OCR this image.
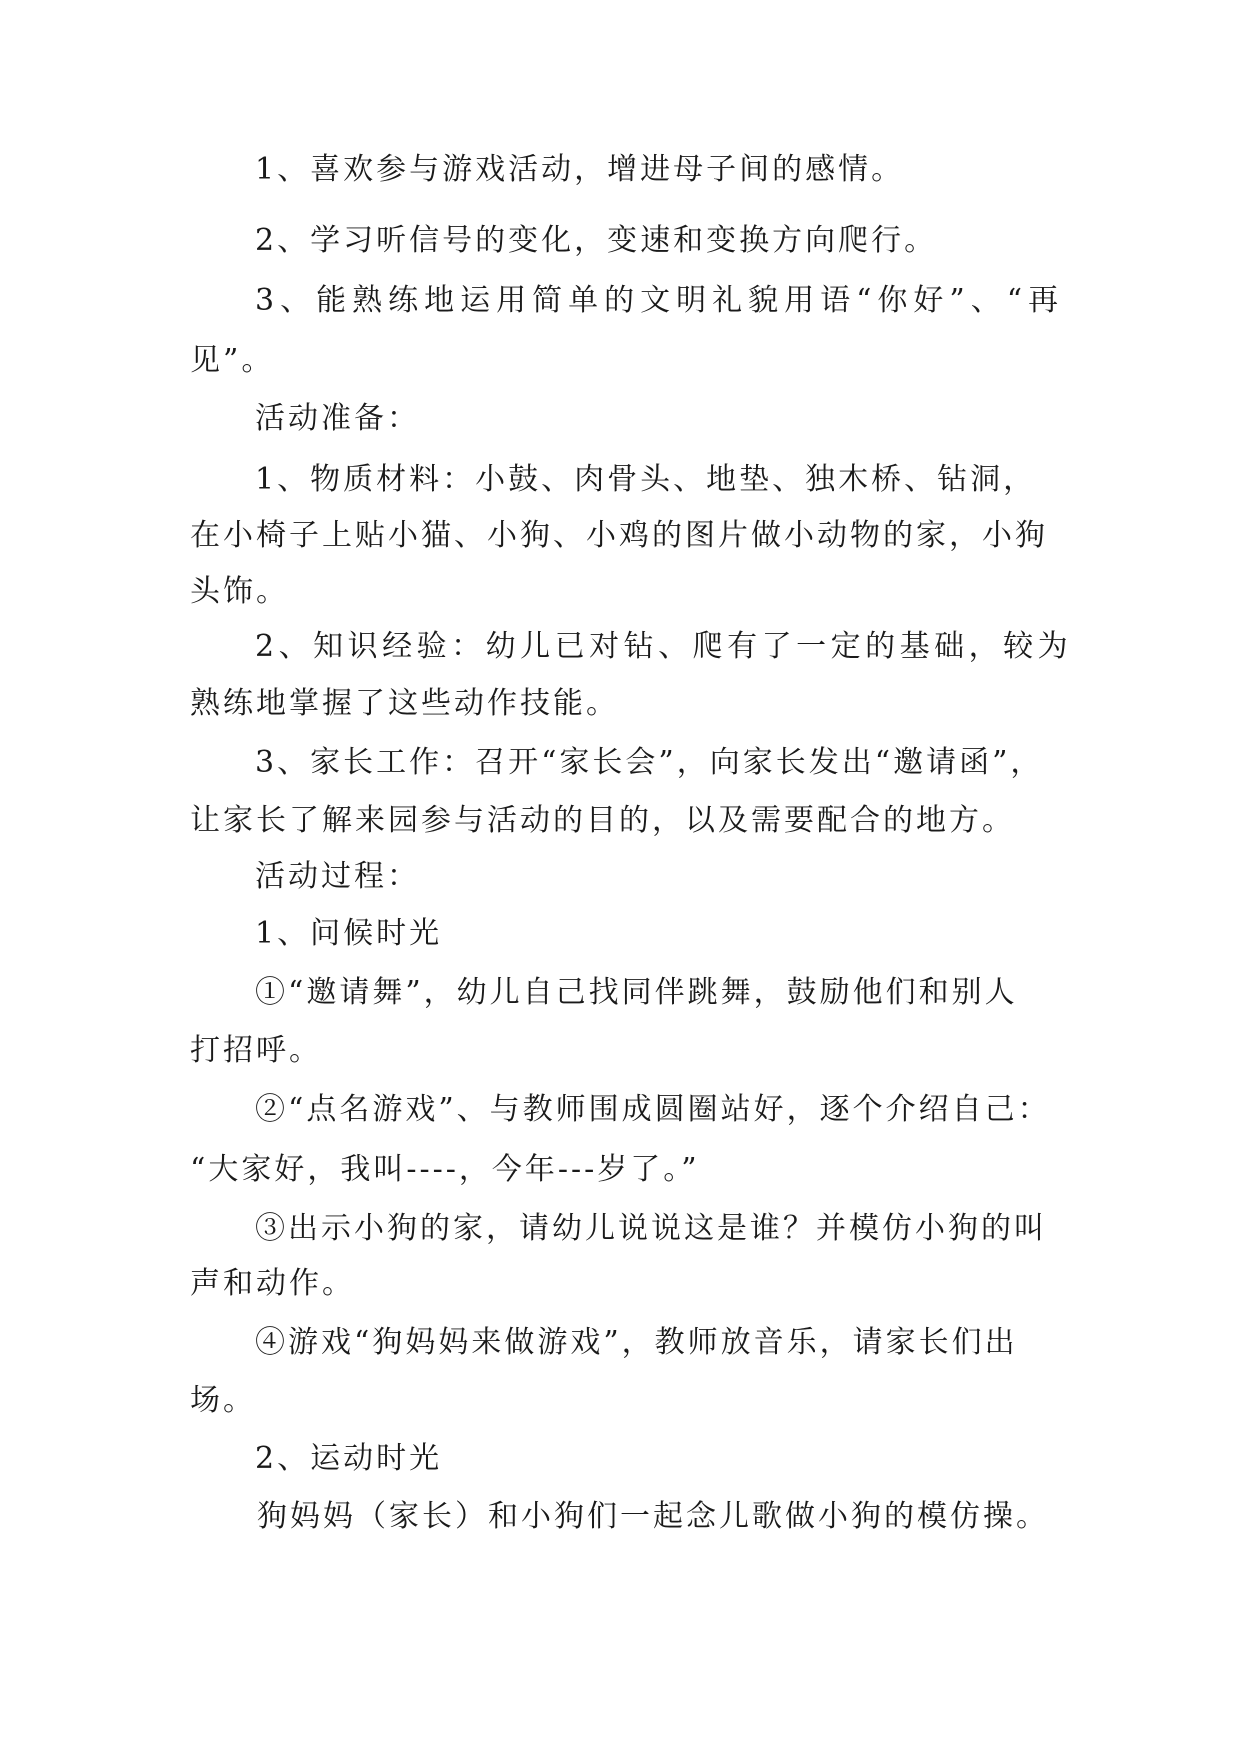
1、喜欢参与游戏活动，增进母子间的感情。
2、学习听信号的变化，变速和变换方向爬行。
3、能熟练地运用简单的文明礼貌用语“你好”、“再
见”。
活动准备：
1、物质材料：小鼓、肉骨头、地垫、独木桥、钻洞，
在小椅子上贴小猫、小狗、小鸡的图片做小动物的家，小狗
头饰。
2、知识经验：幼儿已对钻、爬有了一定的基础，较为
熟练地掌握了这些动作技能。
3、家长工作：召开“家长会”，向家长发出“邀请函”，
让家长了解来园参与活动的目的，以及需要配合的地方。
活动过程：
1、问候时光
①“邀请舞”，幼儿自己找同伴跳舞，鼓励他们和别人
打招呼。
②“点名游戏”、与教师围成圆圈站好，逐个介绍自己：
“大家好，我叫----，今年---岁了。”
③出示小狗的家，请幼儿说说这是谁？并模仿小狗的叫
声和动作。
④游戏“狗妈妈来做游戏”，教师放音乐，请家长们出
场。
2、运动时光
狗妈妈（家长）和小狗们一起念儿歌做小狗的模仿操。
